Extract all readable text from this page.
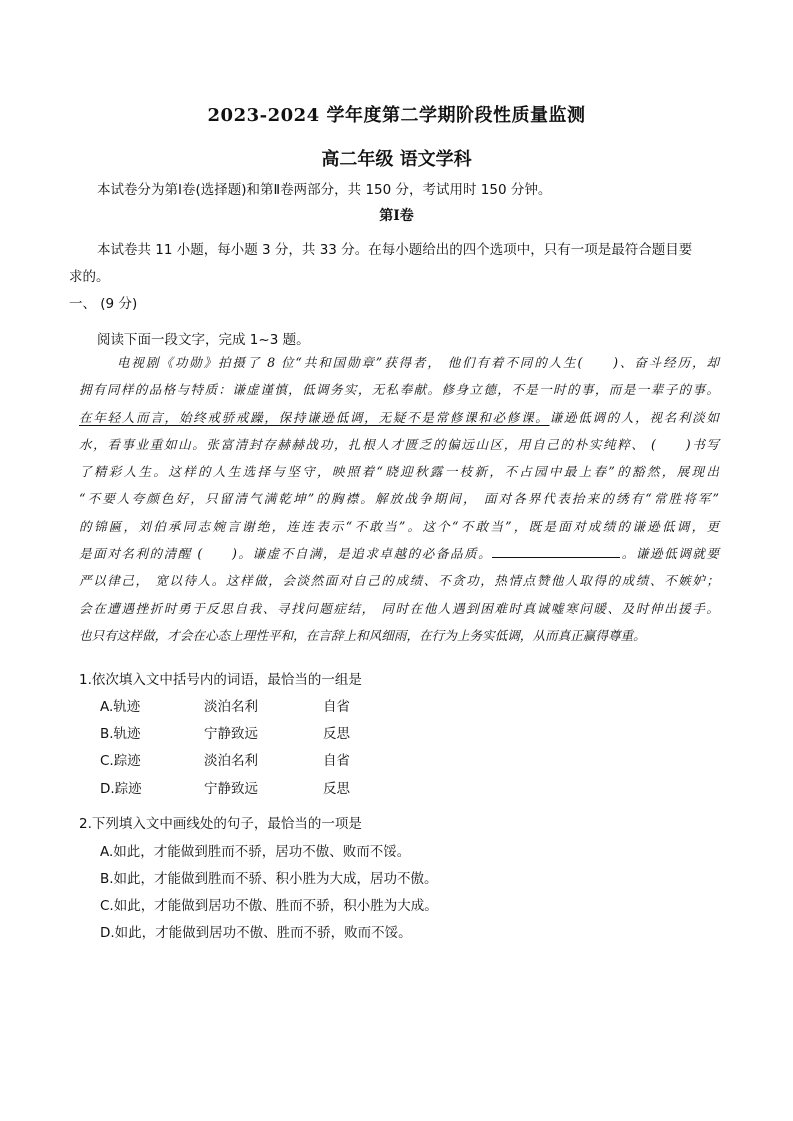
2023-2024 学年度第二学期阶段性质量监测
高二年级 语文学科
本试卷分为第Ⅰ卷(选择题)和第Ⅱ卷两部分，共 150 分，考试用时 150 分钟。
第Ⅰ卷
本试卷共 11 小题，每小题 3 分，共 33 分。在每小题给出的四个选项中，只有一项是最符合题目要
求的。
一、 (9 分)
阅读下面一段文字，完成 1~3 题。
电视剧《功勋》拍摄了 8 位“共和国勋章”获得者， 他们有着不同的人生(　　)、奋斗经历，却
拥有同样的品格与特质：谦虚谨慎，低调务实，无私奉献。修身立德，不是一时的事，而是一辈子的事。
在年轻人而言，始终戒骄戒躁，保持谦逊低调，无疑不是常修课和必修课。谦逊低调的人，视名利淡如
水，看事业重如山。张富清封存赫赫战功，扎根人才匮乏的偏远山区，用自己的朴实纯粹、 (　　)书写
了精彩人生。这样的人生选择与坚守，映照着“晓迎秋露一枝新，不占园中最上春”的豁然，展现出
“不要人夸颜色好，只留清气满乾坤”的胸襟。解放战争期间， 面对各界代表抬来的绣有“常胜将军”
的锦匾，刘伯承同志婉言谢绝，连连表示“不敢当”。这个“不敢当”，既是面对成绩的谦逊低调，更
是面对名利的清醒 (　　)。谦虚不自满，是追求卓越的必备品质。	。谦逊低调就要
严以律己， 宽以待人。这样做，会淡然面对自己的成绩、不贪功，热情点赞他人取得的成绩、不嫉妒；
会在遭遇挫折时勇于反思自我、寻找问题症结， 同时在他人遇到困难时真诚嘘寒问暖、及时伸出援手。
也只有这样做，才会在心态上理性平和，在言辞上和风细雨，在行为上务实低调，从而真正赢得尊重。
1.依次填入文中括号内的词语，最恰当的一组是
A.轨迹	淡泊名利	自省
B.轨迹	宁静致远	反思
C.踪迹	淡泊名利	自省
D.踪迹	宁静致远	反思
2.下列填入文中画线处的句子，最恰当的一项是
A.如此，才能做到胜而不骄，居功不傲、败而不馁。
B.如此，才能做到胜而不骄、积小胜为大成，居功不傲。
C.如此，才能做到居功不傲、胜而不骄，积小胜为大成。
D.如此，才能做到居功不傲、胜而不骄，败而不馁。
